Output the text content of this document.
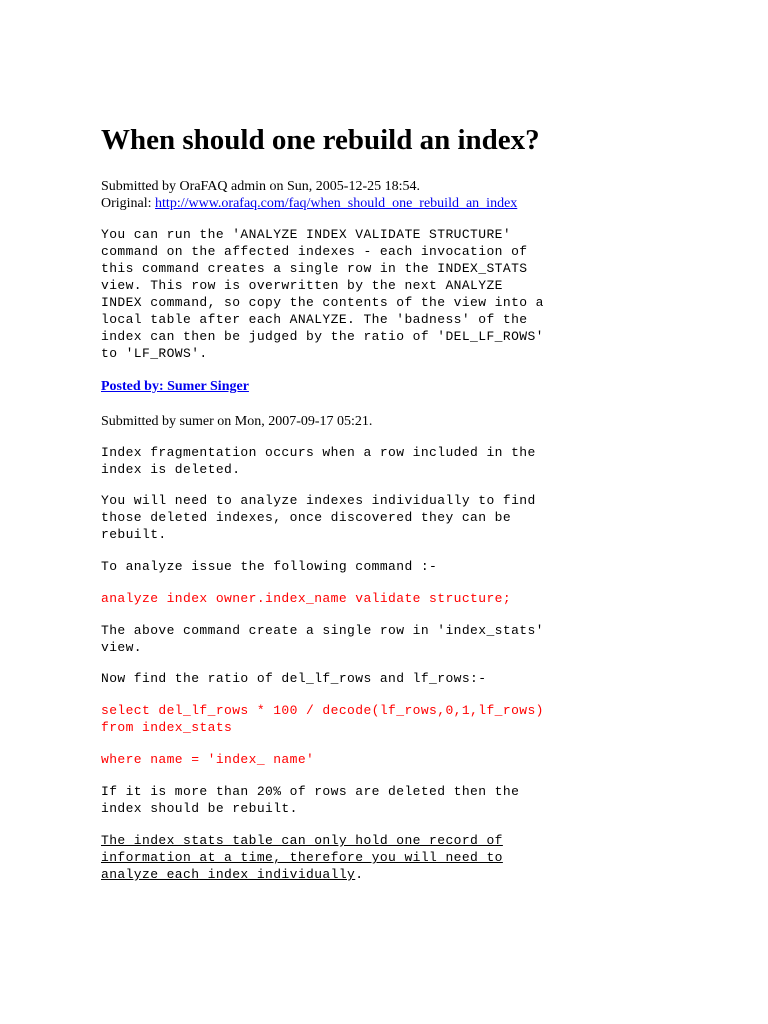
When should one rebuild an index?
Submitted by OraFAQ admin on Sun, 2005-12-25 18:54.
Original: http://www.orafaq.com/faq/when_should_one_rebuild_an_index
You can run the 'ANALYZE INDEX VALIDATE STRUCTURE'
command on the affected indexes - each invocation of
this command creates a single row in the INDEX_STATS
view. This row is overwritten by the next ANALYZE
INDEX command, so copy the contents of the view into a
local table after each ANALYZE. The 'badness' of the
index can then be judged by the ratio of 'DEL_LF_ROWS'
to 'LF_ROWS'.
Posted by: Sumer Singer
Submitted by sumer on Mon, 2007-09-17 05:21.
Index fragmentation occurs when a row included in the
index is deleted.
You will need to analyze indexes individually to find
those deleted indexes, once discovered they can be
rebuilt.
To analyze issue the following command :-
analyze index owner.index_name validate structure;
The above command create a single row in 'index_stats'
view.
Now find the ratio of del_lf_rows and lf_rows:-
select del_lf_rows * 100 / decode(lf_rows,0,1,lf_rows)
from index_stats
where name = 'index_ name'
If it is more than 20% of rows are deleted then the
index should be rebuilt.
The index stats table can only hold one record of
information at a time, therefore you will need to
analyze each index individually.
